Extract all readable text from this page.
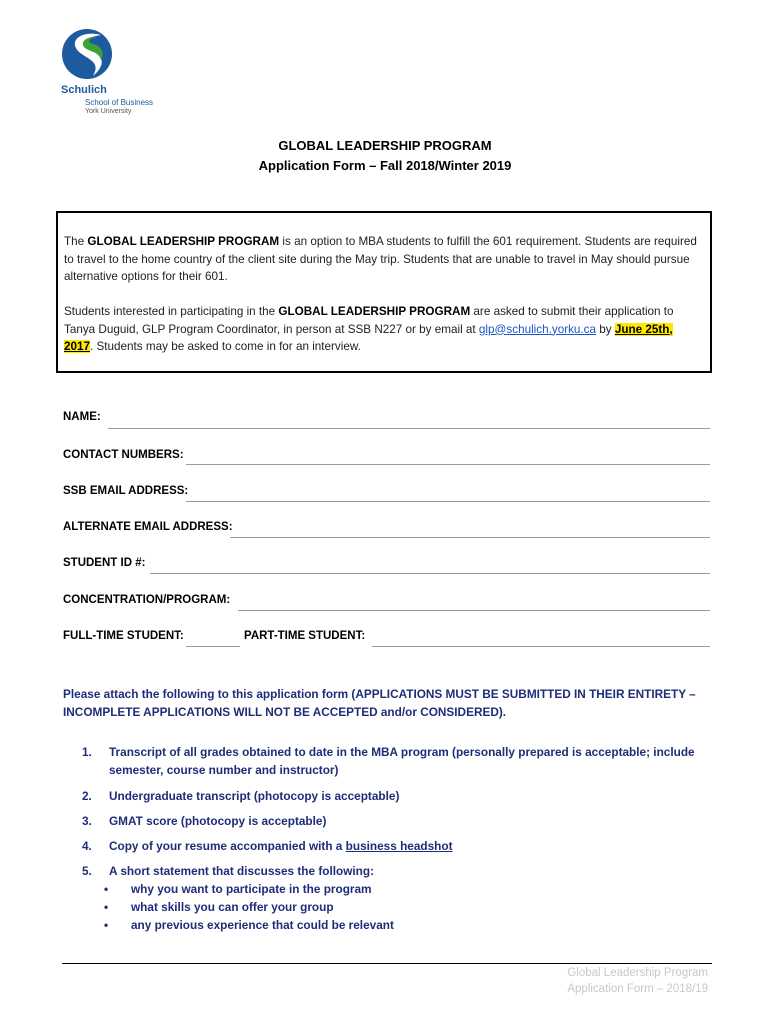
Schulich
School of Business
York University
GLOBAL LEADERSHIP PROGRAM
Application Form – Fall 2018/Winter 2019
The GLOBAL LEADERSHIP PROGRAM is an option to MBA students to fulfill the 601 requirement. Students are required to travel to the home country of the client site during the May trip. Students that are unable to travel in May should pursue alternative options for their 601.
Students interested in participating in the GLOBAL LEADERSHIP PROGRAM are asked to submit their application to Tanya Duguid, GLP Program Coordinator, in person at SSB N227 or by email at glp@schulich.yorku.ca by June 25th, 2017. Students may be asked to come in for an interview.
NAME:
CONTACT NUMBERS:
SSB EMAIL ADDRESS:
ALTERNATE EMAIL ADDRESS:
STUDENT ID #:
CONCENTRATION/PROGRAM:
FULL-TIME STUDENT:	PART-TIME STUDENT:
Please attach the following to this application form (APPLICATIONS MUST BE SUBMITTED IN THEIR ENTIRETY – INCOMPLETE APPLICATIONS WILL NOT BE ACCEPTED and/or CONSIDERED).
1. Transcript of all grades obtained to date in the MBA program (personally prepared is acceptable; include semester, course number and instructor)
2. Undergraduate transcript (photocopy is acceptable)
3. GMAT score (photocopy is acceptable)
4. Copy of your resume accompanied with a business headshot
5. A short statement that discusses the following:
• why you want to participate in the program
• what skills you can offer your group
• any previous experience that could be relevant
Global Leadership Program
Application Form – 2018/19
